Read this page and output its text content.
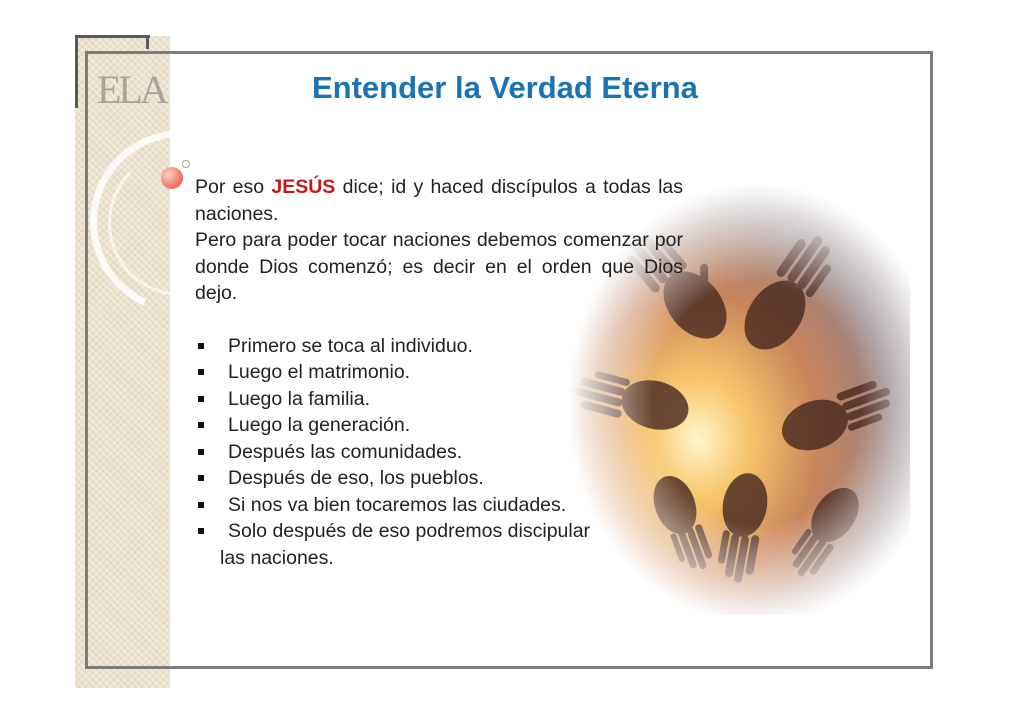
ELA	Entender la Verdad Eterna

Por eso JESÚS dice; id y haced discípulos a todas las naciones.

Pero para poder tocar naciones debemos comenzar por donde Dios comenzó; es decir en el orden que Dios dejo.

Primero se toca al individuo.
Luego el matrimonio.
Luego la familia.
Luego la generación.
Después las comunidades.
Después de eso, los pueblos.
Si nos va bien tocaremos las ciudades.
Solo después de eso podremos discipular
las naciones.
